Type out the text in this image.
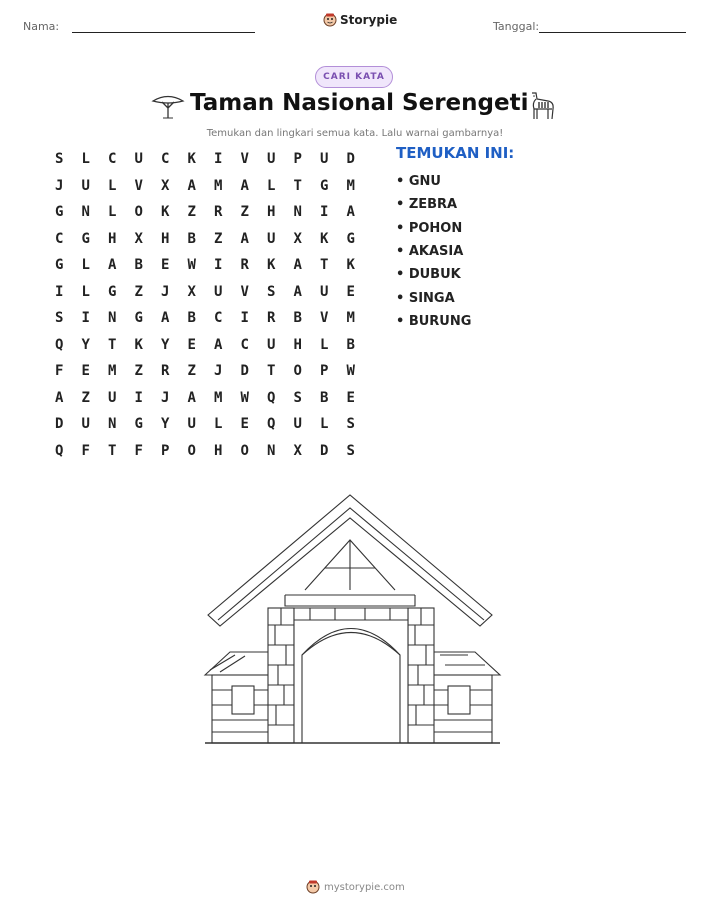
Nama:	Storypie	Tanggal:
CARI KATA
Taman Nasional Serengeti
Temukan dan lingkari semua kata. Lalu warnai gambarnya!
S	L	C	U	C	K	I	V	U	P	U	D
J	U	L	V	X	A	M	A	L	T	G	M
G	N	L	O	K	Z	R	Z	H	N	I	A
C	G	H	X	H	B	Z	A	U	X	K	G
G	L	A	B	E	W	I	R	K	A	T	K
I	L	G	Z	J	X	U	V	S	A	U	E
S	I	N	G	A	B	C	I	R	B	V	M
Q	Y	T	K	Y	E	A	C	U	H	L	B
F	E	M	Z	R	Z	J	D	T	O	P	W
A	Z	U	I	J	A	M	W	Q	S	B	E
D	U	N	G	Y	U	L	E	Q	U	L	S
Q	F	T	F	P	O	H	O	N	X	D	S
TEMUKAN INI:
• GNU
• ZEBRA
• POHON
• AKASIA
• DUBUK
• SINGA
• BURUNG
mystorypie.com
